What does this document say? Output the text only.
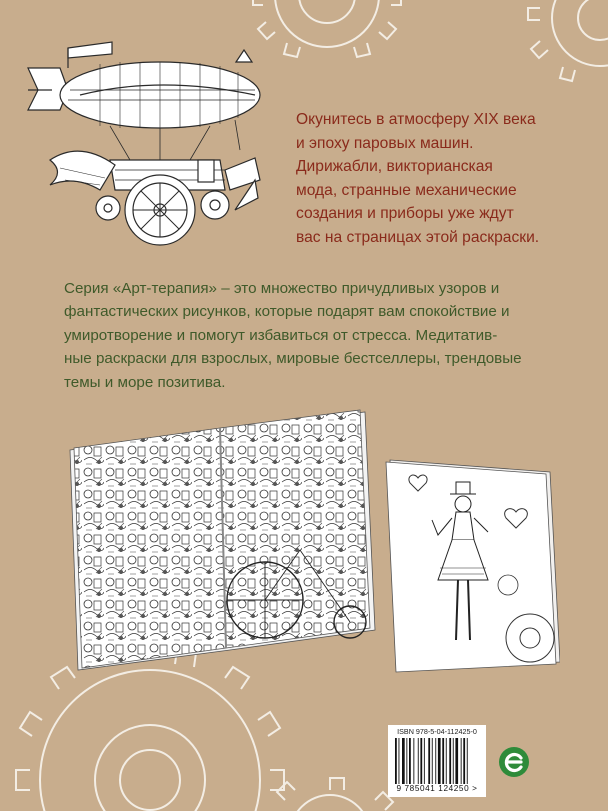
Окунитесь в атмосферу XIX века
и эпоху паровых машин.
Дирижабли, викторианская
мода, странные механические
создания и приборы уже ждут
вас на страницах этой раскраски.
Серия «Арт-терапия» – это множество причудливых узоров и
фантастических рисунков, которые подарят вам спокойствие и
умиротворение и помогут избавиться от стресса. Медитатив-
ные раскраски для взрослых, мировые бестселлеры, трендовые
темы и море позитива.
ISBN 978-5-04-112425-0
9 785041 124250 >
